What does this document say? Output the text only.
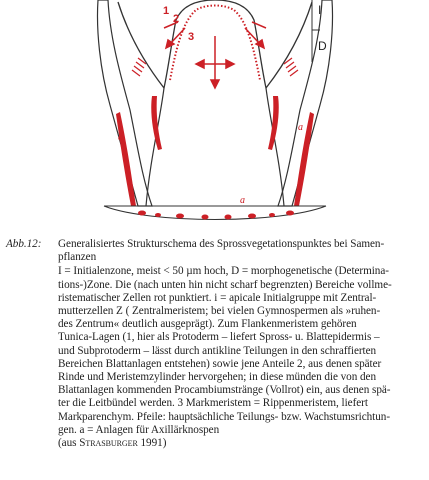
I
D
1
2
3
a
a
a
Abb.12:	Generalisiertes Strukturschema des Sprossvegetationspunktes bei Samen-
pflanzen
I = Initialenzone, meist < 50 µm hoch, D = morphogenetische (Determina-
tions-)Zone. Die (nach unten hin nicht scharf begrenzten) Bereiche vollme-
ristematischer Zellen rot punktiert. i = apicale Initialgruppe mit Zentral-
mutterzellen Z ( Zentralmeristem; bei vielen Gymnospermen als »ruhen-
des Zentrum« deutlich ausgeprägt). Zum Flankenmeristem gehören
Tunica-Lagen (1, hier als Protoderm – liefert Spross- u. Blattepidermis –
und Subprotoderm – lässt durch antikline Teilungen in den schraffierten
Bereichen Blattanlagen entstehen) sowie jene Anteile 2, aus denen später
Rinde und Meristemzylinder hervorgehen; in diese münden die von den
Blattanlagen kommenden Procambiumstränge (Vollrot) ein, aus denen spä-
ter die Leitbündel werden. 3 Markmeristem = Rippenmeristem, liefert
Markparenchym. Pfeile: hauptsächliche Teilungs- bzw. Wachstumsrichtun-
gen. a = Anlagen für Axillärknospen
(aus Strasburger 1991)
